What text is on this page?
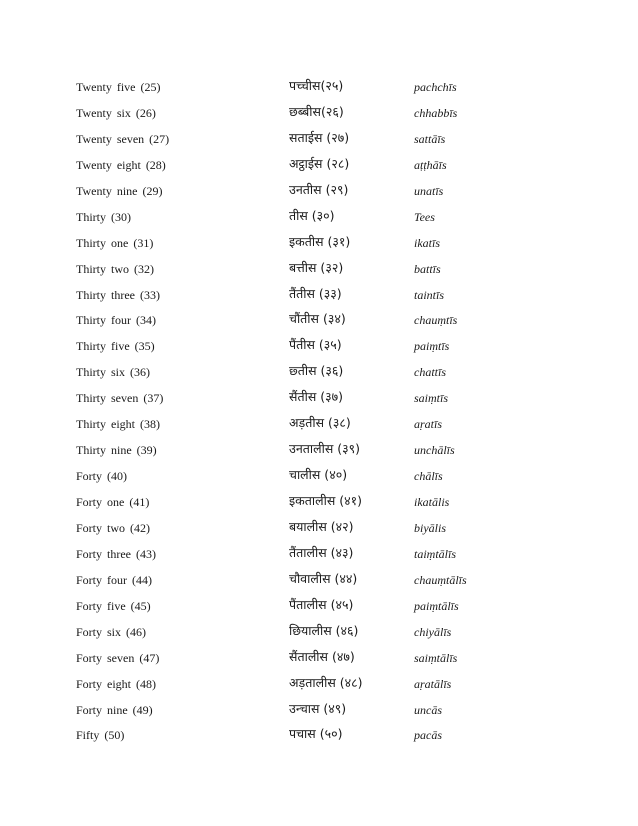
Twenty five (25)	पच्चीस(२५)	pachchīs
Twenty six (26)	छब्बीस(२६)	chhabbīs
Twenty seven (27)	सताईस (२७)	sattāīs
Twenty eight (28)	अट्ठाईस (२८)	aṭṭhāīs
Twenty nine (29)	उनतीस (२९)	unatīs
Thirty (30)	तीस (३०)	Tees
Thirty one (31)	इकतीस (३१)	ikatīs
Thirty two (32)	बत्तीस (३२)	battīs
Thirty three (33)	तैंतीस (३३)	taintīs
Thirty four (34)	चौंतीस (३४)	chauṃtīs
Thirty five (35)	पैंतीस (३५)	paiṃtīs
Thirty six (36)	छ्तीस (३६)	chattīs
Thirty seven (37)	सैंतीस (३७)	saiṃtīs
Thirty eight (38)	अड़तीस (३८)	aṛatīs
Thirty nine (39)	उनतालीस (३९)	unchālīs
Forty (40)	चालीस (४०)	chālīs
Forty one (41)	इकतालीस (४१)	ikatālis
Forty two (42)	बयालीस (४२)	biyālis
Forty three (43)	तैंतालीस (४३)	taiṃtālīs
Forty four (44)	चौवालीस (४४)	chauṃtālīs
Forty five (45)	पैंतालीस (४५)	paiṃtālīs
Forty six (46)	छियालीस (४६)	chiyālīs
Forty seven (47)	सैंतालीस (४७)	saiṃtālīs
Forty eight (48)	अड़तालीस (४८)	aṛatālīs
Forty nine (49)	उन्चास (४९)	uncās
Fifty (50)	पचास (५०)	pacās
